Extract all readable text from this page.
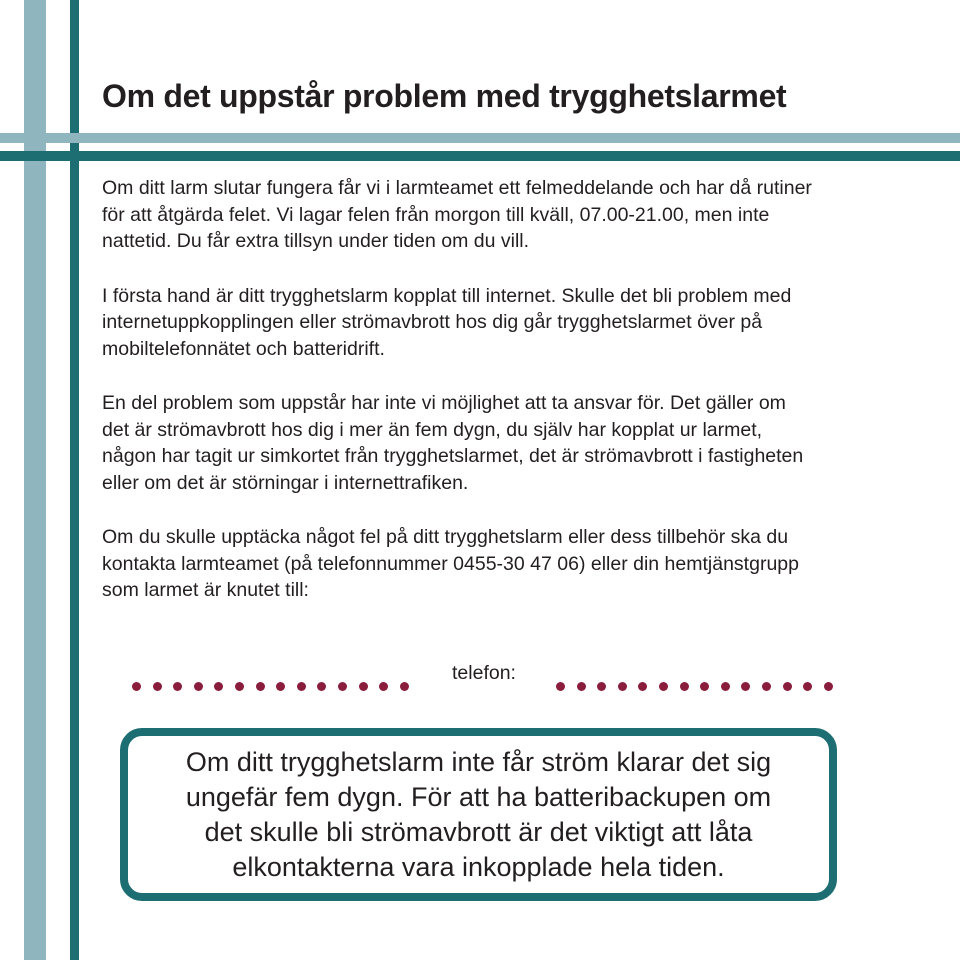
Om det uppstår problem med trygghetslarmet

Om ditt larm slutar fungera får vi i larmteamet ett felmeddelande och har då rutiner
för att åtgärda felet. Vi lagar felen från morgon till kväll, 07.00-21.00, men inte
nattetid. Du får extra tillsyn under tiden om du vill.

I första hand är ditt trygghetslarm kopplat till internet. Skulle det bli problem med
internetuppkopplingen eller strömavbrott hos dig går trygghetslarmet över på
mobiltelefonnätet och batteridrift.

En del problem som uppstår har inte vi möjlighet att ta ansvar för. Det gäller om
det är strömavbrott hos dig i mer än fem dygn, du själv har kopplat ur larmet,
någon har tagit ur simkortet från trygghetslarmet, det är strömavbrott i fastigheten
eller om det är störningar i internettrafiken.

Om du skulle upptäcka något fel på ditt trygghetslarm eller dess tillbehör ska du
kontakta larmteamet (på telefonnummer 0455-30 47 06) eller din hemtjänstgrupp
som larmet är knutet till:

telefon:

Om ditt trygghetslarm inte får ström klarar det sig
ungefär fem dygn. För att ha batteribackupen om
det skulle bli strömavbrott är det viktigt att låta
elkontakterna vara inkopplade hela tiden.
